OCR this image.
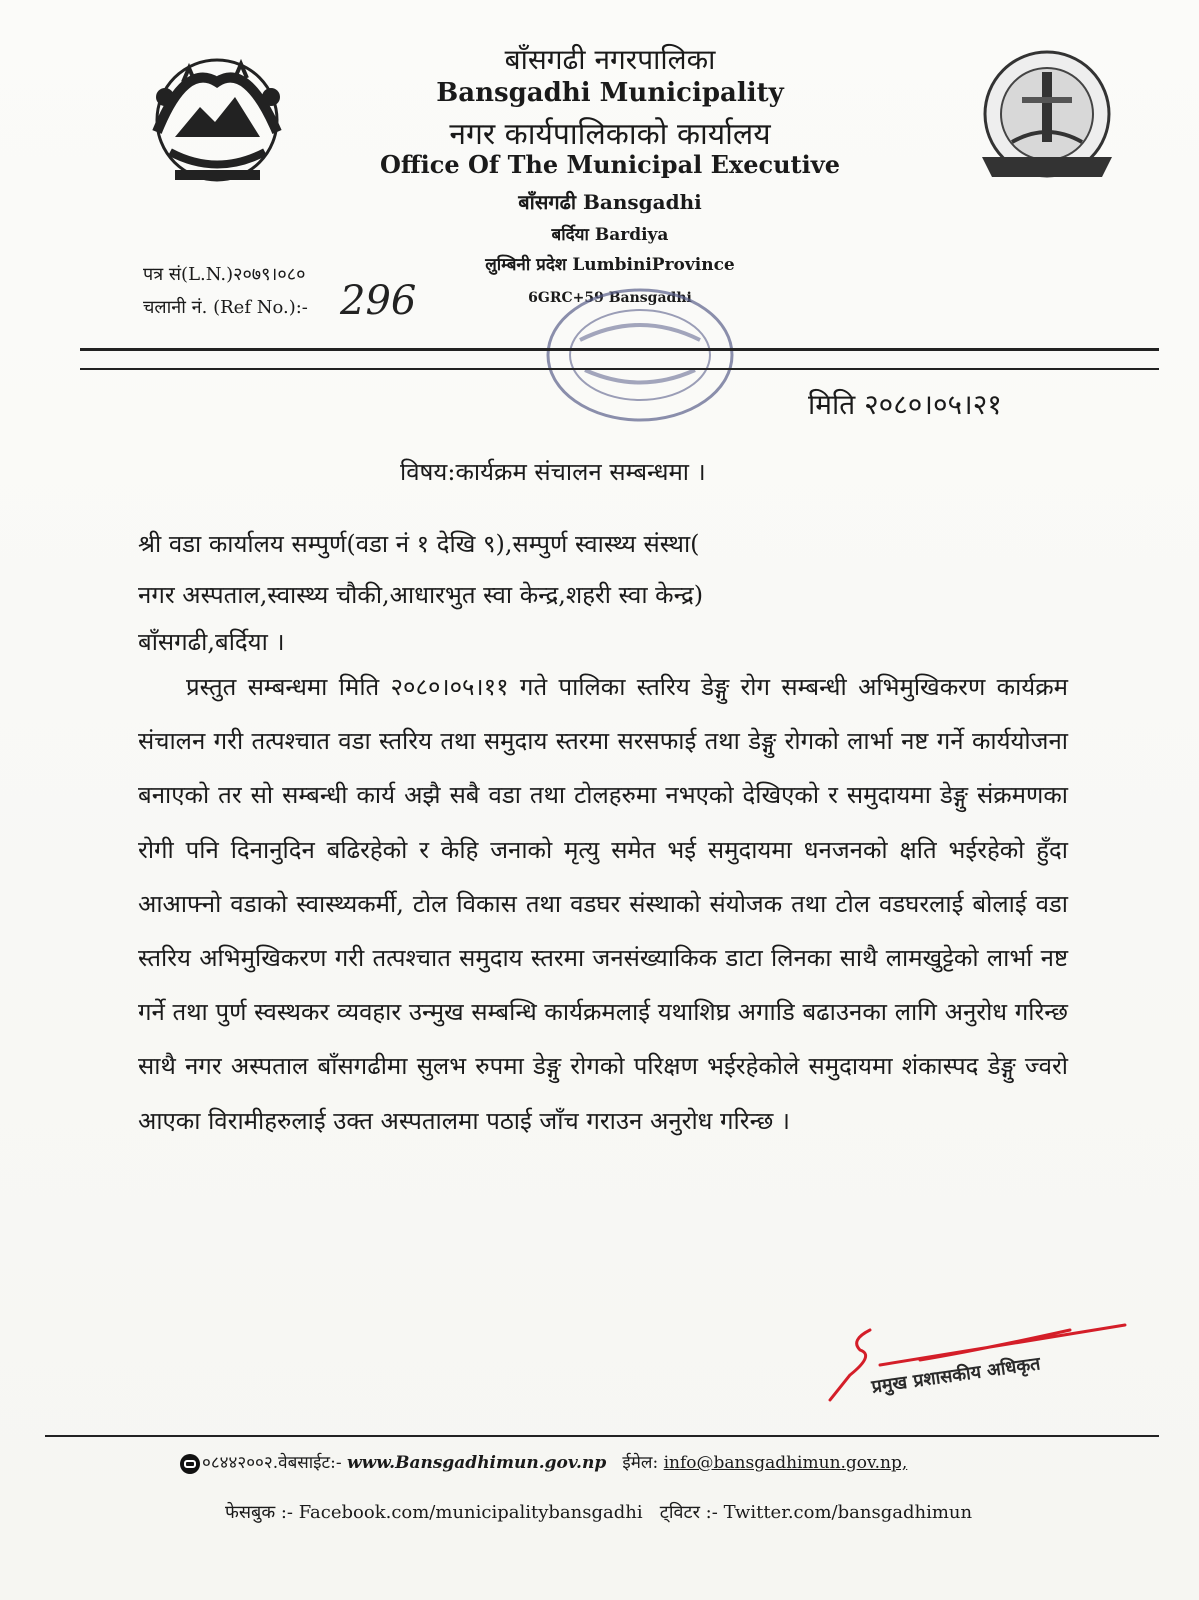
बाँसगढी नगरपालिका
Bansgadhi Municipality
नगर कार्यपालिकाको कार्यालय
Office Of The Municipal Executive
बाँसगढी Bansgadhi
बर्दिया Bardiya
लुम्बिनी प्रदेश LumbiniProvince
6GRC+59 Bansgadhi
पत्र सं(L.N.)२०७९।०८०
चलानी नं. (Ref No.):- 296
मिति २०८०।०५।२१
विषय:कार्यक्रम संचालन सम्बन्धमा ।
श्री वडा कार्यालय सम्पुर्ण(वडा नं १ देखि ९),सम्पुर्ण स्वास्थ्य संस्था(
नगर अस्पताल,स्वास्थ्य चौकी,आधारभुत स्वा केन्द्र,शहरी स्वा केन्द्र)
बाँसगढी,बर्दिया ।
प्रस्तुत सम्बन्धमा मिति २०८०।०५।११ गते पालिका स्तरिय डेङ्गु रोग सम्बन्धी अभिमुखिकरण कार्यक्रम संचालन गरी तत्पश्चात वडा स्तरिय तथा समुदाय स्तरमा सरसफाई तथा डेङ्गु रोगको लार्भा नष्ट गर्ने कार्ययोजना बनाएको तर सो सम्बन्धी कार्य अझै सबै वडा तथा टोलहरुमा नभएको देखिएको र समुदायमा डेङ्गु संक्रमणका रोगी पनि दिनानुदिन बढिरहेको र केहि जनाको मृत्यु समेत भई समुदायमा धनजनको क्षति भईरहेको हुँदा आआफ्नो वडाको स्वास्थ्यकर्मी, टोल विकास तथा वडघर संस्थाको संयोजक तथा टोल वडघरलाई बोलाई वडा स्तरिय अभिमुखिकरण गरी तत्पश्चात समुदाय स्तरमा जनसंख्याकिक डाटा लिनका साथै लामखुट्टेको लार्भा नष्ट गर्ने तथा पुर्ण स्वस्थकर व्यवहार उन्मुख सम्बन्धि कार्यक्रमलाई यथाशिघ्र अगाडि बढाउनका लागि अनुरोध गरिन्छ साथै नगर अस्पताल बाँसगढीमा सुलभ रुपमा डेङ्गु रोगको परिक्षण भईरहेकोले समुदायमा शंकास्पद डेङ्गु ज्वरो आएका विरामीहरुलाई उक्त अस्पतालमा पठाई जाँच गराउन अनुरोध गरिन्छ ।
प्रमुख प्रशासकीय अधिकृत
०८४४२००२.वेबसाईट:- www.Bansgadhimun.gov.np ईमेल: info@bansgadhimun.gov.np,
फेसबुक :- Facebook.com/municipalitybansgadhi ट्विटर :- Twitter.com/bansgadhimun
